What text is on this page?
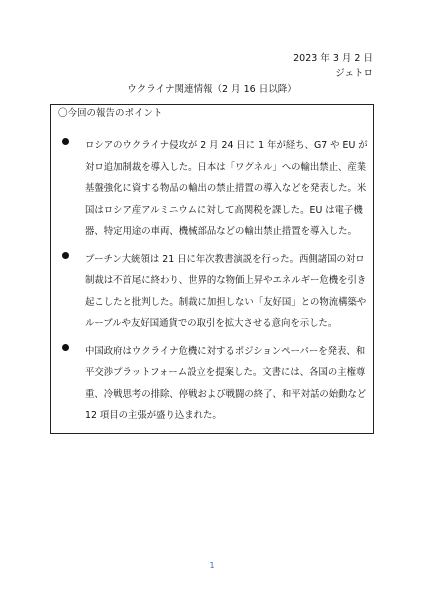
2023 年 3 月 2 日
ジェトロ
ウクライナ関連情報（2 月 16 日以降）
〇今回の報告のポイント
ロシアのウクライナ侵攻が 2 月 24 日に 1 年が経ち、G7 や EU が対ロ追加制裁を導入した。日本は「ワグネル」への輸出禁止、産業基盤強化に資する物品の輸出の禁止措置の導入などを発表した。米国はロシア産アルミニウムに対して高関税を課した。EU は電子機器、特定用途の車両、機械部品などの輸出禁止措置を導入した。
プーチン大統領は 21 日に年次教書演説を行った。西側諸国の対ロ制裁は不首尾に終わり、世界的な物価上昇やエネルギー危機を引き起こしたと批判した。制裁に加担しない「友好国」との物流構築やルーブルや友好国通貨での取引を拡大させる意向を示した。
中国政府はウクライナ危機に対するポジションペーパーを発表、和平交渉プラットフォーム設立を提案した。文書には、各国の主権尊重、冷戦思考の排除、停戦および戦闘の終了、和平対話の始動など 12 項目の主張が盛り込まれた。
1
